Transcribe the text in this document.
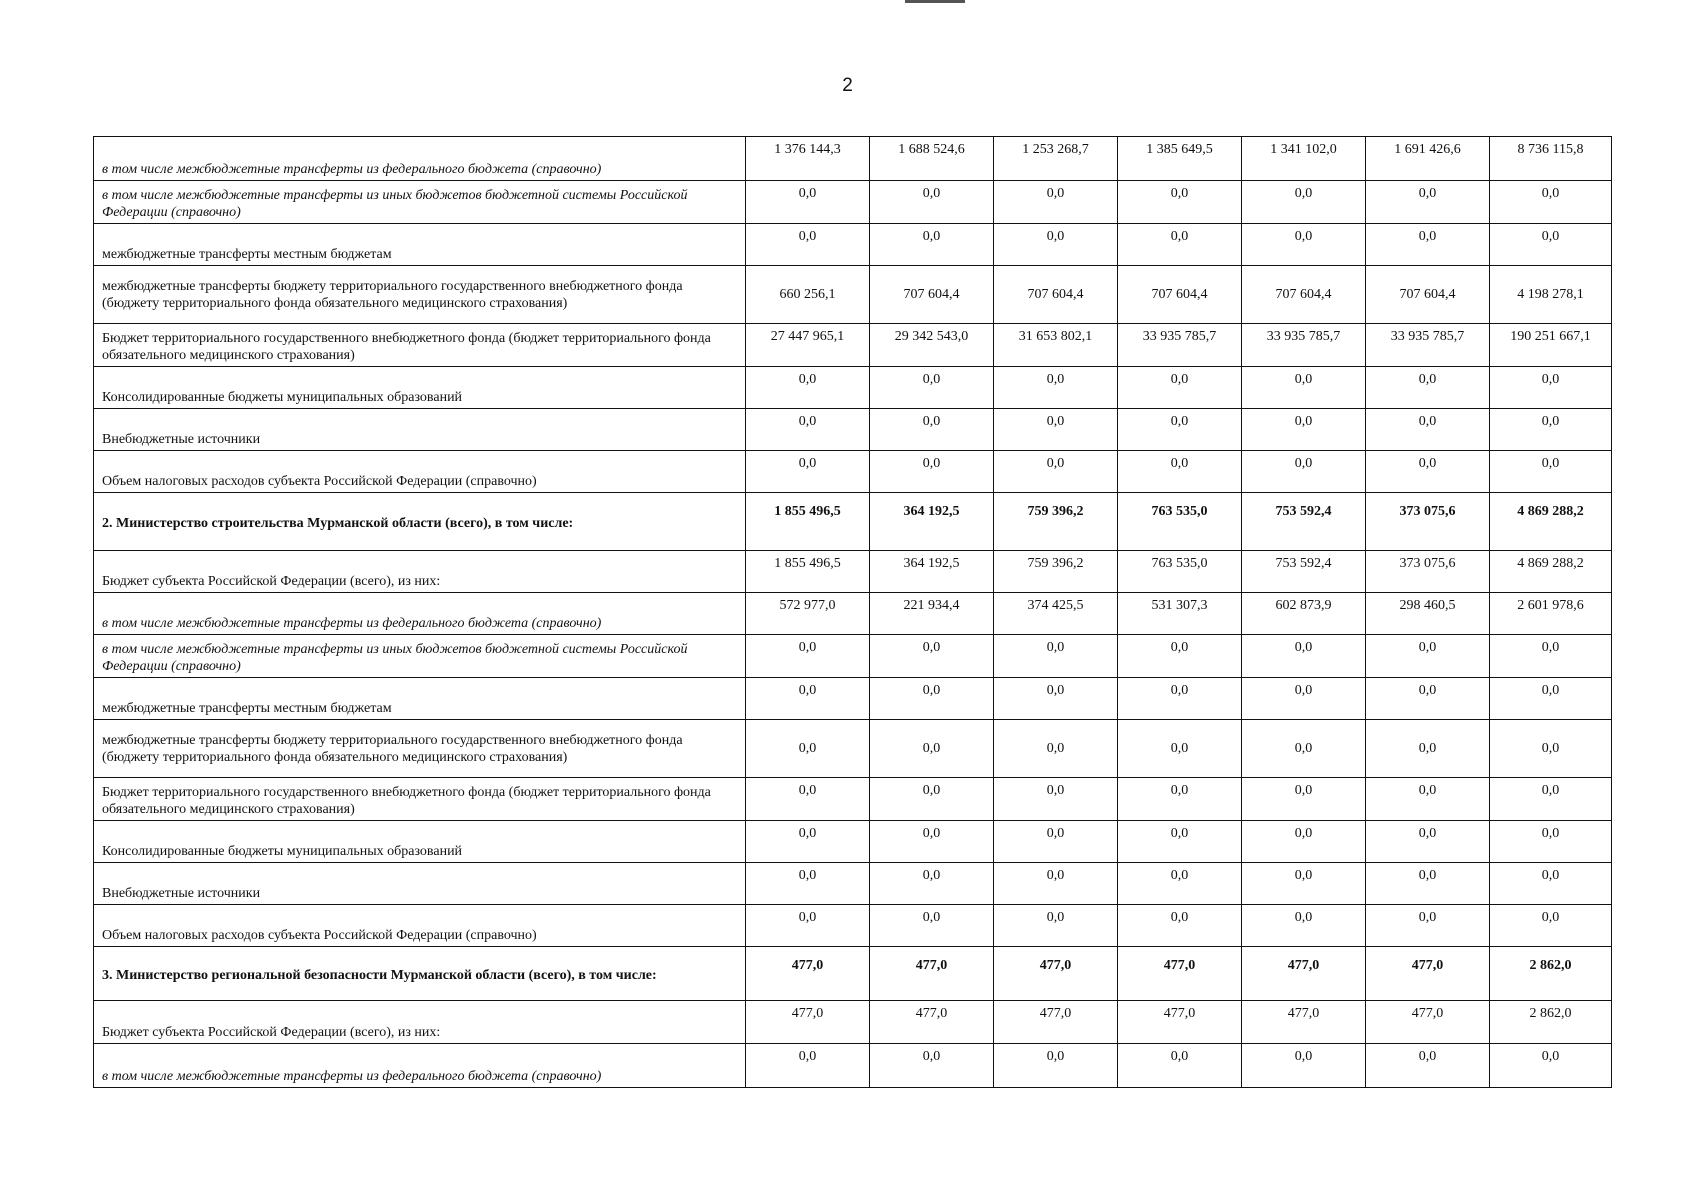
2
в том числе межбюджетные трансферты из федерального бюджета (справочно)	1 376 144,3	1 688 524,6	1 253 268,7	1 385 649,5	1 341 102,0	1 691 426,6	8 736 115,8
в том числе межбюджетные трансферты из иных бюджетов бюджетной системы Российской Федерации (справочно)	0,0	0,0	0,0	0,0	0,0	0,0	0,0
межбюджетные трансферты местным бюджетам	0,0	0,0	0,0	0,0	0,0	0,0	0,0
межбюджетные трансферты бюджету территориального государственного внебюджетного фонда (бюджету территориального фонда обязательного медицинского страхования)	660 256,1	707 604,4	707 604,4	707 604,4	707 604,4	707 604,4	4 198 278,1
Бюджет территориального государственного внебюджетного фонда (бюджет территориального фонда обязательного медицинского страхования)	27 447 965,1	29 342 543,0	31 653 802,1	33 935 785,7	33 935 785,7	33 935 785,7	190 251 667,1
Консолидированные бюджеты муниципальных образований	0,0	0,0	0,0	0,0	0,0	0,0	0,0
Внебюджетные источники	0,0	0,0	0,0	0,0	0,0	0,0	0,0
Объем налоговых расходов субъекта Российской Федерации (справочно)	0,0	0,0	0,0	0,0	0,0	0,0	0,0
2. Министерство строительства Мурманской области (всего), в том числе:	1 855 496,5	364 192,5	759 396,2	763 535,0	753 592,4	373 075,6	4 869 288,2
Бюджет субъекта Российской Федерации (всего), из них:	1 855 496,5	364 192,5	759 396,2	763 535,0	753 592,4	373 075,6	4 869 288,2
в том числе межбюджетные трансферты из федерального бюджета (справочно)	572 977,0	221 934,4	374 425,5	531 307,3	602 873,9	298 460,5	2 601 978,6
в том числе межбюджетные трансферты из иных бюджетов бюджетной системы Российской Федерации (справочно)	0,0	0,0	0,0	0,0	0,0	0,0	0,0
межбюджетные трансферты местным бюджетам	0,0	0,0	0,0	0,0	0,0	0,0	0,0
межбюджетные трансферты бюджету территориального государственного внебюджетного фонда (бюджету территориального фонда обязательного медицинского страхования)	0,0	0,0	0,0	0,0	0,0	0,0	0,0
Бюджет территориального государственного внебюджетного фонда (бюджет территориального фонда обязательного медицинского страхования)	0,0	0,0	0,0	0,0	0,0	0,0	0,0
Консолидированные бюджеты муниципальных образований	0,0	0,0	0,0	0,0	0,0	0,0	0,0
Внебюджетные источники	0,0	0,0	0,0	0,0	0,0	0,0	0,0
Объем налоговых расходов субъекта Российской Федерации (справочно)	0,0	0,0	0,0	0,0	0,0	0,0	0,0
3. Министерство региональной безопасности Мурманской области (всего), в том числе:	477,0	477,0	477,0	477,0	477,0	477,0	2 862,0
Бюджет субъекта Российской Федерации (всего), из них:	477,0	477,0	477,0	477,0	477,0	477,0	2 862,0
в том числе межбюджетные трансферты из федерального бюджета (справочно)	0,0	0,0	0,0	0,0	0,0	0,0	0,0
